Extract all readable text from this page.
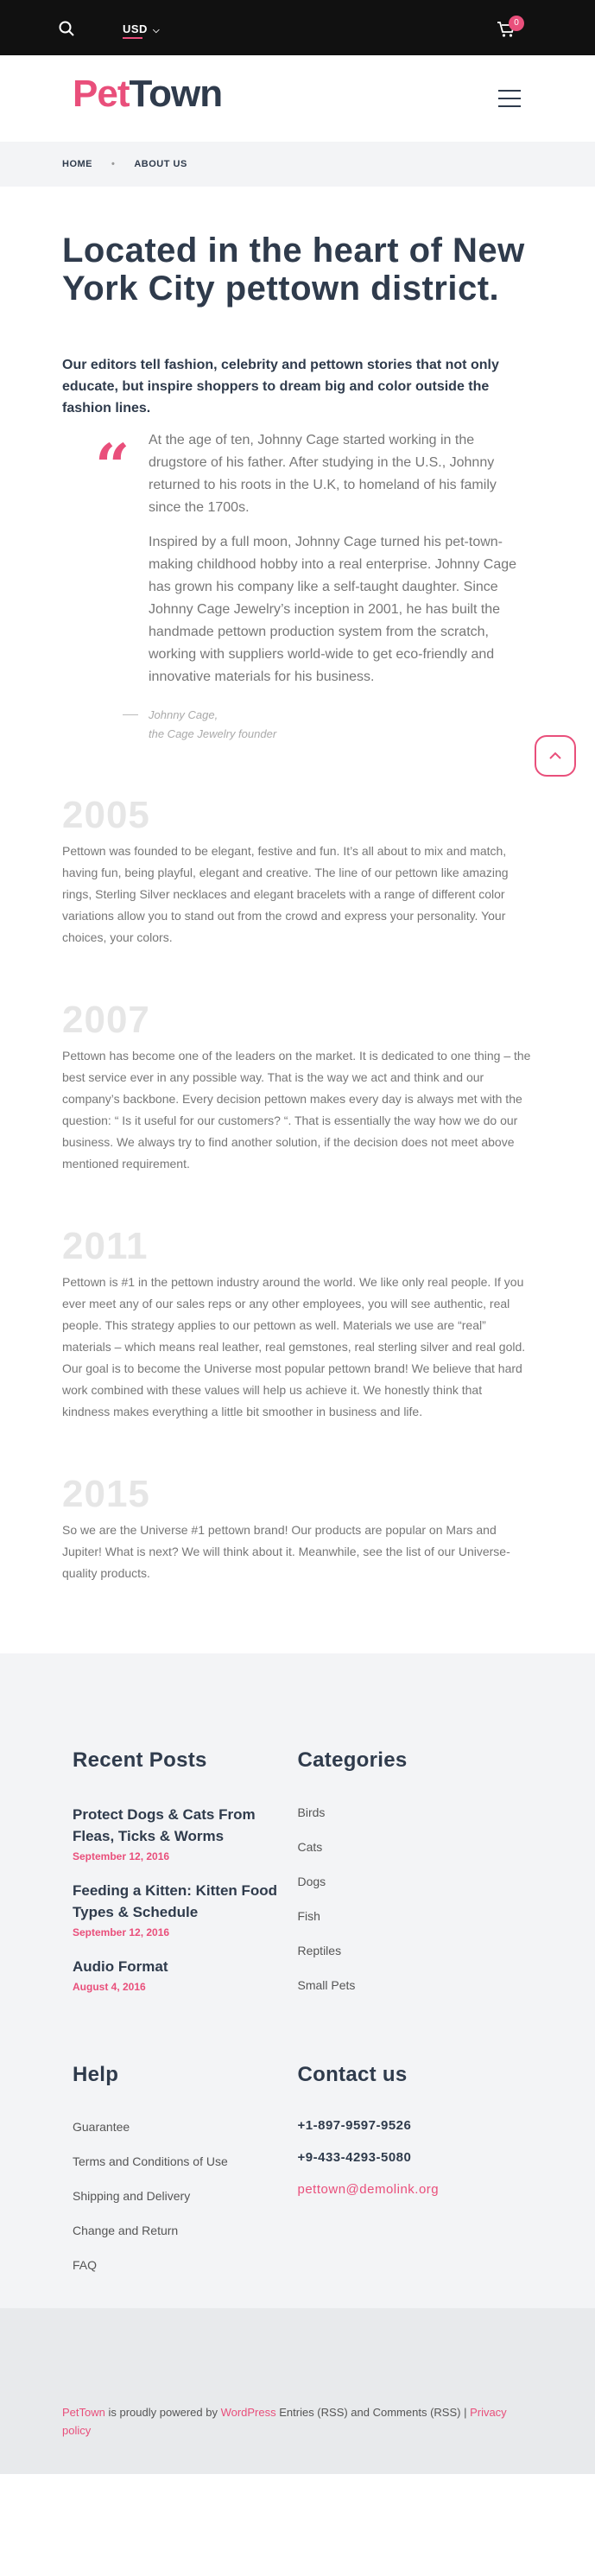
USD ⌵
0
PetTown
HOME • ABOUT US
Located in the heart of New York City pettown district.

Our editors tell fashion, celebrity and pettown stories that not only educate, but inspire shoppers to dream big and color outside the fashion lines.

“ At the age of ten, Johnny Cage started working in the drugstore of his father. After studying in the U.S., Johnny returned to his roots in the U.K, to homeland of his family since the 1700s.

Inspired by a full moon, Johnny Cage turned his pet-town-making childhood hobby into a real enterprise. Johnny Cage has grown his company like a self-taught daughter. Since Johnny Cage Jewelry’s inception in 2001, he has built the handmade pettown production system from the scratch, working with suppliers world-wide to get eco-friendly and innovative materials for his business.

Johnny Cage,
the Cage Jewelry founder
2005

Pettown was founded to be elegant, festive and fun. It’s all about to mix and match, having fun, being playful, elegant and creative. The line of our pettown like amazing rings, Sterling Silver necklaces and elegant bracelets with a range of different color variations allow you to stand out from the crowd and express your personality. Your choices, your colors.

2007

Pettown has become one of the leaders on the market. It is dedicated to one thing – the best service ever in any possible way. That is the way we act and think and our company’s backbone. Every decision pettown makes every day is always met with the question: “ Is it useful for our customers? “. That is essentially the way how we do our business. We always try to find another solution, if the decision does not meet above mentioned requirement.

2011

Pettown is #1 in the pettown industry around the world. We like only real people. If you ever meet any of our sales reps or any other employees, you will see authentic, real people. This strategy applies to our pettown as well. Materials we use are “real” materials – which means real leather, real gemstones, real sterling silver and real gold. Our goal is to become the Universe most popular pettown brand! We believe that hard work combined with these values will help us achieve it. We honestly think that kindness makes everything a little bit smoother in business and life.

2015

So we are the Universe #1 pettown brand! Our products are popular on Mars and Jupiter! What is next? We will think about it. Meanwhile, see the list of our Universe-quality products.

Recent Posts
Protect Dogs & Cats From Fleas, Ticks & Worms
September 12, 2016
Feeding a Kitten: Kitten Food Types & Schedule
September 12, 2016
Audio Format
August 4, 2016
Categories
Birds
Cats
Dogs
Fish
Reptiles
Small Pets
Help
Guarantee
Terms and Conditions of Use
Shipping and Delivery
Change and Return
FAQ
Contact us
+1-897-9597-9526
+9-433-4293-5080
pettown@demolink.org
PetTown is proudly powered by WordPress Entries (RSS) and Comments (RSS) | Privacy policy
